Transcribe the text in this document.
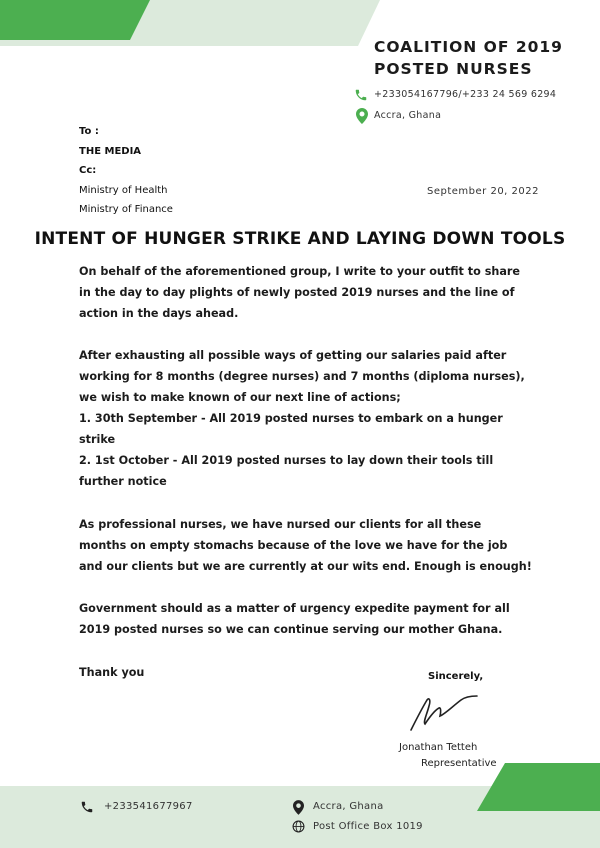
COALITION OF 2019
POSTED NURSES
+233054167796/+233 24 569 6294
Accra, Ghana
To :
THE MEDIA
Cc:
Ministry of Health
Ministry of Finance
September 20, 2022
INTENT OF HUNGER STRIKE AND LAYING DOWN TOOLS

On behalf of the aforementioned group, I write to your outfit to share

in the day to day plights of newly posted 2019 nurses and the line of

action in the days ahead.

After exhausting all possible ways of getting our salaries paid after

working for 8 months (degree nurses) and 7 months (diploma nurses),

we wish to make known of our next line of actions;

1. 30th September - All 2019 posted nurses to embark on a hunger

strike

2. 1st October - All 2019 posted nurses to lay down their tools till

further notice

As professional nurses, we have nursed our clients for all these

months on empty stomachs because of the love we have for the job

and our clients but we are currently at our wits end. Enough is enough!

Government should as a matter of urgency expedite payment for all

2019 posted nurses so we can continue serving our mother Ghana.

Thank you	Sincerely,
Jonathan Tetteh
Representative
+233541677967	Accra, Ghana
Post Office Box 1019
